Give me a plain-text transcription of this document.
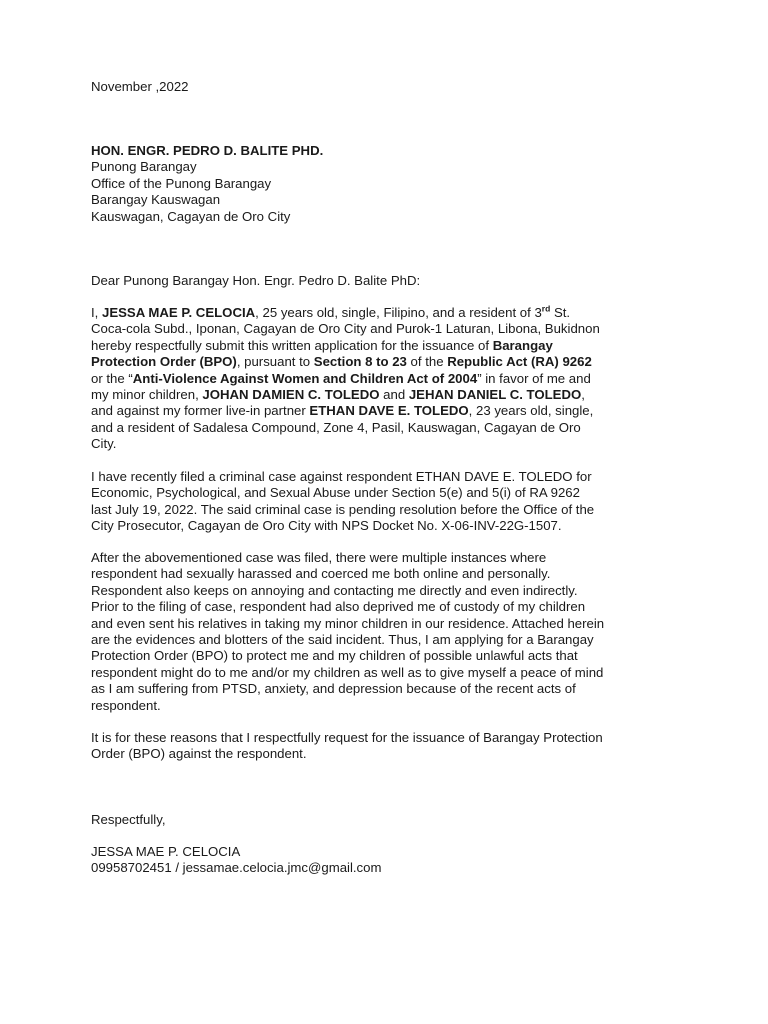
November ,2022
HON. ENGR. PEDRO D. BALITE PHD.
Punong Barangay
Office of the Punong Barangay
Barangay Kauswagan
Kauswagan, Cagayan de Oro City
Dear Punong Barangay Hon. Engr. Pedro D. Balite PhD:
I, JESSA MAE P. CELOCIA, 25 years old, single, Filipino, and a resident of 3rd St.
Coca-cola Subd., Iponan, Cagayan de Oro City and Purok-1 Laturan, Libona, Bukidnon
hereby respectfully submit this written application for the issuance of Barangay
Protection Order (BPO), pursuant to Section 8 to 23 of the Republic Act (RA) 9262
or the “Anti-Violence Against Women and Children Act of 2004” in favor of me and
my minor children, JOHAN DAMIEN C. TOLEDO and JEHAN DANIEL C. TOLEDO,
and against my former live-in partner ETHAN DAVE E. TOLEDO, 23 years old, single,
and a resident of Sadalesa Compound, Zone 4, Pasil, Kauswagan, Cagayan de Oro
City.
I have recently filed a criminal case against respondent ETHAN DAVE E. TOLEDO for
Economic, Psychological, and Sexual Abuse under Section 5(e) and 5(i) of RA 9262
last July 19, 2022. The said criminal case is pending resolution before the Office of the
City Prosecutor, Cagayan de Oro City with NPS Docket No. X-06-INV-22G-1507.
After the abovementioned case was filed, there were multiple instances where
respondent had sexually harassed and coerced me both online and personally.
Respondent also keeps on annoying and contacting me directly and even indirectly.
Prior to the filing of case, respondent had also deprived me of custody of my children
and even sent his relatives in taking my minor children in our residence. Attached herein
are the evidences and blotters of the said incident. Thus, I am applying for a Barangay
Protection Order (BPO) to protect me and my children of possible unlawful acts that
respondent might do to me and/or my children as well as to give myself a peace of mind
as I am suffering from PTSD, anxiety, and depression because of the recent acts of
respondent.
It is for these reasons that I respectfully request for the issuance of Barangay Protection
Order (BPO) against the respondent.
Respectfully,
JESSA MAE P. CELOCIA
09958702451 / jessamae.celocia.jmc@gmail.com
